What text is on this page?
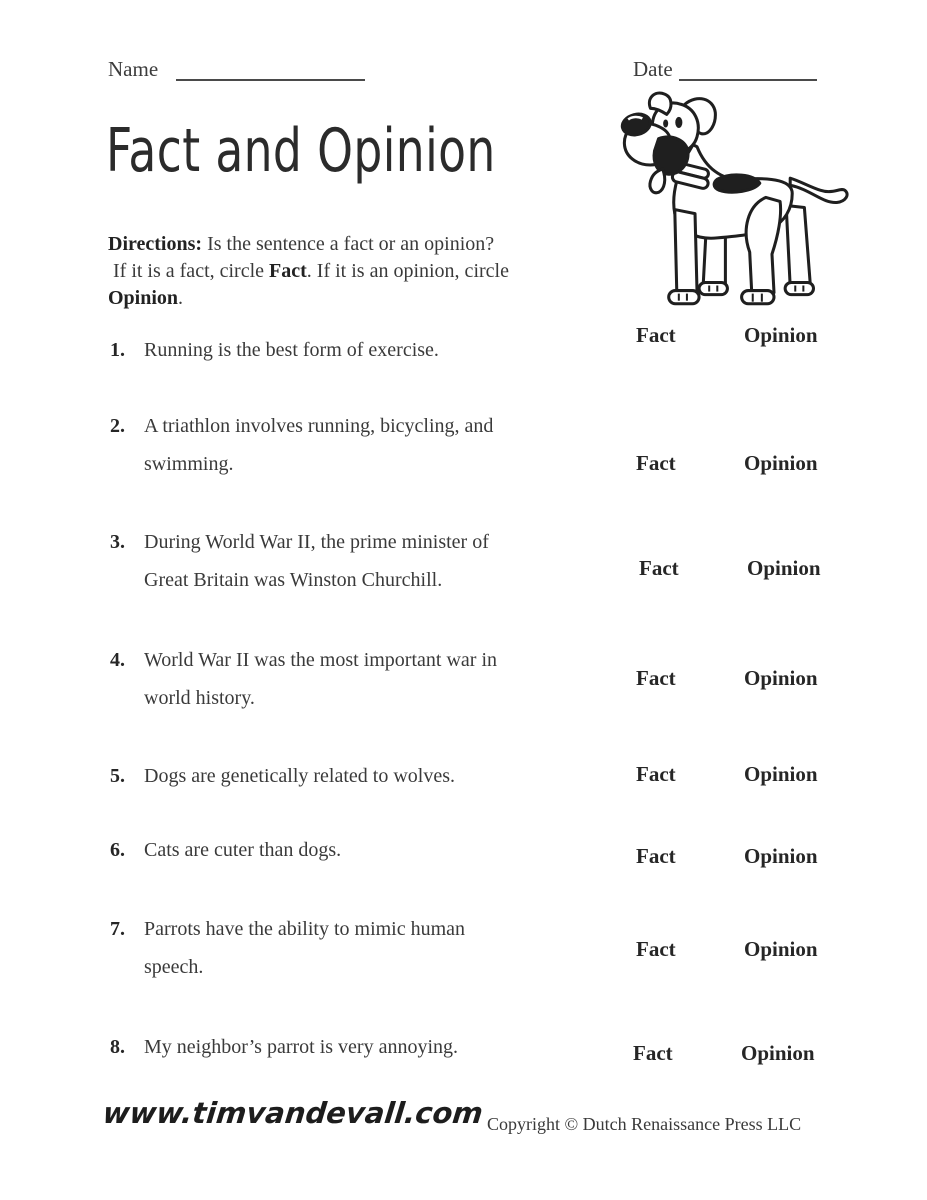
Name	Date
Fact and Opinion
Directions: Is the sentence a fact or an opinion?
If it is a fact, circle Fact. If it is an opinion, circle
Opinion.
1. Running is the best form of exercise.
2. A triathlon involves running, bicycling, and
swimming.
3. During World War II, the prime minister of
Great Britain was Winston Churchill.
4. World War II was the most important war in
world history.
5. Dogs are genetically related to wolves.
6. Cats are cuter than dogs.
7. Parrots have the ability to mimic human
speech.
8. My neighbor’s parrot is very annoying.
Fact	Opinion
Fact	Opinion
Fact	Opinion
Fact	Opinion
Fact	Opinion
Fact	Opinion
Fact	Opinion
Fact	Opinion
www.timvandevall.com Copyright © Dutch Renaissance Press LLC
